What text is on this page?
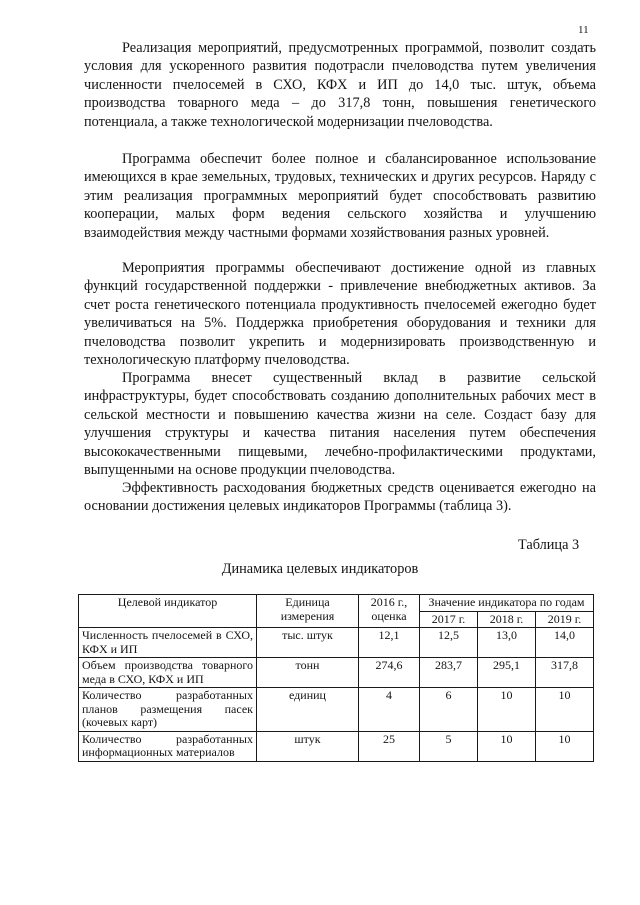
11

Реализация мероприятий, предусмотренных программой, позволит создать условия для ускоренного развития подотрасли пчеловодства путем увеличения численности пчелосемей в СХО, КФХ и ИП до 14,0 тыс. штук, объема производства товарного меда – до 317,8 тонн, повышения генетического потенциала, а также технологической модернизации пчеловодства.

Программа обеспечит более полное и сбалансированное использование имеющихся в крае земельных, трудовых, технических и других ресурсов. Наряду с этим реализация программных мероприятий будет способствовать развитию кооперации, малых форм ведения сельского хозяйства и улучшению взаимодействия между частными формами хозяйствования разных уровней.

Мероприятия программы обеспечивают достижение одной из главных функций государственной поддержки - привлечение внебюджетных активов. За счет роста генетического потенциала продуктивность пчелосемей ежегодно будет увеличиваться на 5%. Поддержка приобретения оборудования и техники для пчеловодства позволит укрепить и модернизировать производственную и технологическую платформу пчеловодства.

Программа внесет существенный вклад в развитие сельской инфраструктуры, будет способствовать созданию дополнительных рабочих мест в сельской местности и повышению качества жизни на селе. Создаст базу для улучшения структуры и качества питания населения путем обеспечения высококачественными пищевыми, лечебно-профилактическими продуктами, выпущенными на основе продукции пчеловодства.

Эффективность расходования бюджетных средств оценивается ежегодно на основании достижения целевых индикаторов Программы (таблица 3).

Таблица 3
Динамика целевых индикаторов
Целевой индикатор	Единица измерения	2016 г., оценка	Значение индикатора по годам		
			2017 г.	2018 г.	2019 г.
Численность пчелосемей в СХО, КФХ и ИП	тыс. штук	12,1	12,5	13,0	14,0
Объем производства товарного меда в СХО, КФХ и ИП	тонн	274,6	283,7	295,1	317,8
Количество разработанных планов размещения пасек (кочевых карт)	единиц	4	6	10	10
Количество разработанных информационных материалов	штук	25	5	10	10
